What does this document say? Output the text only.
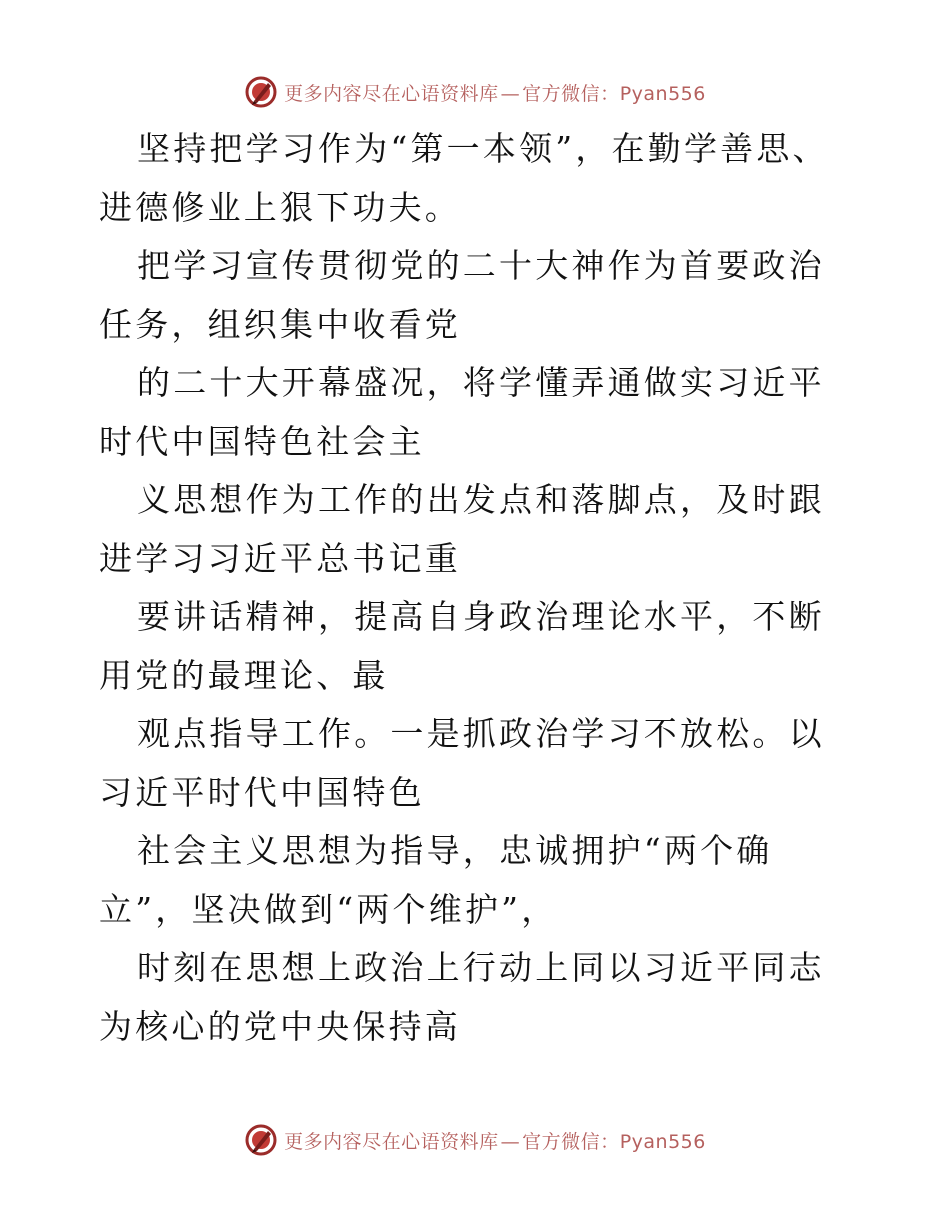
更多内容尽在心语资料库 — 官方微信：Pyan556

坚持把学习作为“第一本领”，在勤学善思、进德修业上狠下功夫。

把学习宣传贯彻党的二十大神作为首要政治任务，组织集中收看党

的二十大开幕盛况，将学懂弄通做实习近平时代中国特色社会主

义思想作为工作的出发点和落脚点，及时跟进学习习近平总书记重

要讲话精神，提高自身政治理论水平，不断用党的最理论、最

观点指导工作。一是抓政治学习不放松。以习近平时代中国特色

社会主义思想为指导，忠诚拥护“两个确立”，坚决做到“两个维护”，

时刻在思想上政治上行动上同以习近平同志为核心的党中央保持高

更多内容尽在心语资料库 — 官方微信：Pyan556
